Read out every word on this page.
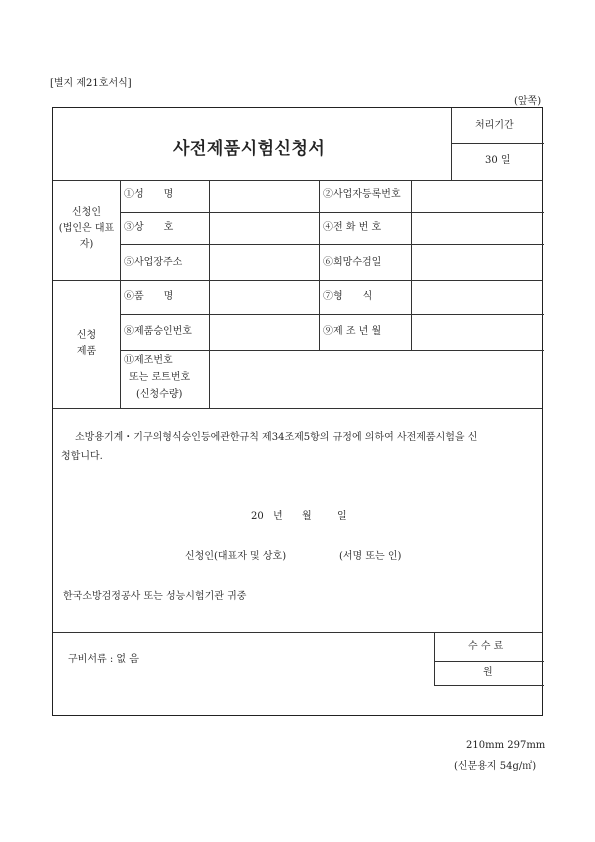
[별지 제21호서식]
(앞쪽)
사전제품시험신청서
처리기간
30 일
신청인
(법인은 대표
자)
①성　　명	②사업자등록번호
③상　　호	④전 화 번 호
⑤사업장주소	⑥희망수검일
신청
제품
⑥품　　명	⑦형　　식
⑧제품승인번호	⑨제 조 년 월
⑪제조번호
또는 로트번호
(신청수량)
소방용기계・기구의형식승인등에관한규칙 제34조제5항의 규정에 의하여 사전제품시험을 신
청합니다.
20 년 월	일
신청인(대표자 및 상호)	(서명 또는 인)
한국소방검정공사 또는 성능시험기관 귀중
구비서류 : 없 음
수 수 료
원
210mm 297mm
(신문용지 54g/㎡)
